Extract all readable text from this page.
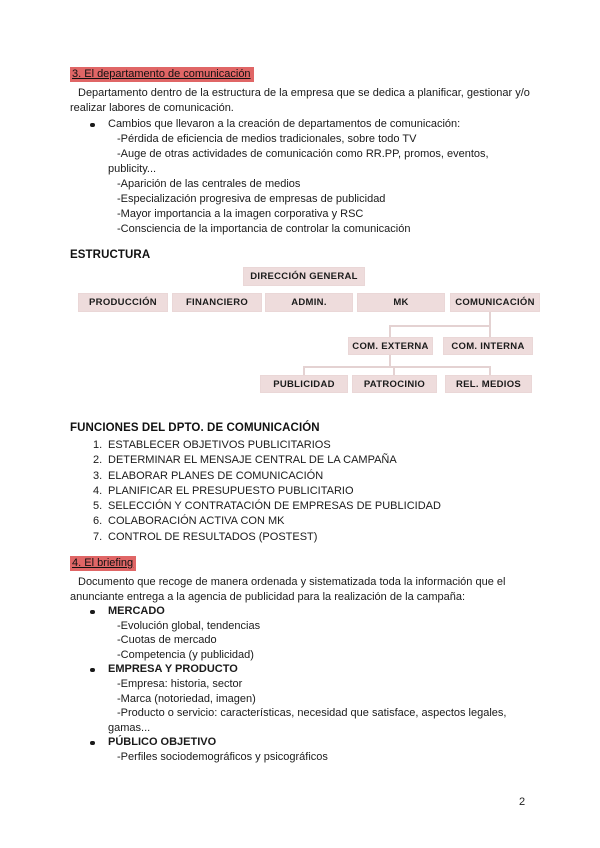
3. El departamento de comunicación
Departamento dentro de la estructura de la empresa que se dedica a planificar, gestionar y/o realizar labores de comunicación.
Cambios que llevaron a la creación de departamentos de comunicación:
-Pérdida de eficiencia de medios tradicionales, sobre todo TV
-Auge de otras actividades de comunicación como RR.PP, promos, eventos,
publicity...
-Aparición de las centrales de medios
-Especialización progresiva de empresas de publicidad
-Mayor importancia a la imagen corporativa y RSC
-Consciencia de la importancia de controlar la comunicación
ESTRUCTURA
DIRECCIÓN GENERAL
PRODUCCIÓN	FINANCIERO	ADMIN.	MK	COMUNICACIÓN
COM. EXTERNA	COM. INTERNA
PUBLICIDAD	PATROCINIO	REL. MEDIOS
FUNCIONES DEL DPTO. DE COMUNICACIÓN
1. ESTABLECER OBJETIVOS PUBLICITARIOS
2. DETERMINAR EL MENSAJE CENTRAL DE LA CAMPAÑA
3. ELABORAR PLANES DE COMUNICACIÓN
4. PLANIFICAR EL PRESUPUESTO PUBLICITARIO
5. SELECCIÓN Y CONTRATACIÓN DE EMPRESAS DE PUBLICIDAD
6. COLABORACIÓN ACTIVA CON MK
7. CONTROL DE RESULTADOS (POSTEST)
4. El briefing
Documento que recoge de manera ordenada y sistematizada toda la información que el anunciante entrega a la agencia de publicidad para la realización de la campaña:
MERCADO
-Evolución global, tendencias
-Cuotas de mercado
-Competencia (y publicidad)
EMPRESA Y PRODUCTO
-Empresa: historia, sector
-Marca (notoriedad, imagen)
-Producto o servicio: características, necesidad que satisface, aspectos legales,
gamas...
PÚBLICO OBJETIVO
-Perfiles sociodemográficos y psicográficos
2
